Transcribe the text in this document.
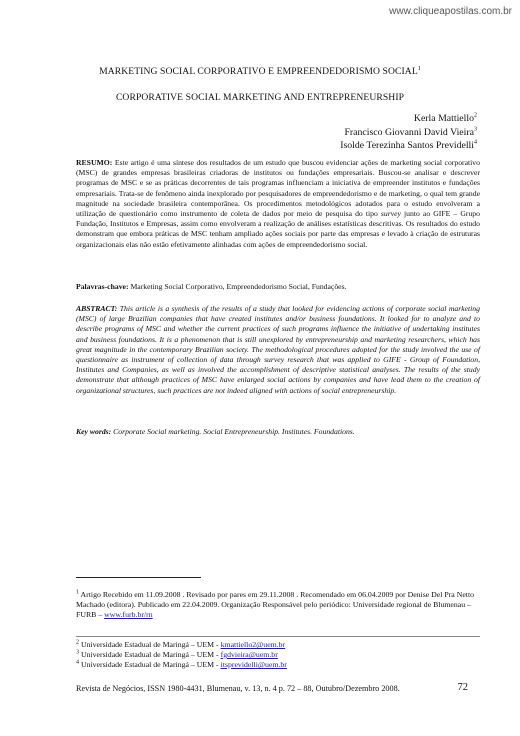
www.cliqueapostilas.com.br
MARKETING SOCIAL CORPORATIVO E EMPREENDEDORISMO SOCIAL$^1$
CORPORATIVE SOCIAL MARKETING AND ENTREPRENEURSHIP
Kerla Mattiello$^2$
Francisco Giovanni David Vieira$^3$
Isolde Terezinha Santos Previdelli$^4$
RESUMO: Este artigo é uma síntese dos resultados de um estudo que buscou evidenciar ações de marketing social corporativo (MSC) de grandes empresas brasileiras criadoras de institutos ou fundações empresariais. Buscou-se analisar e descrever programas de MSC e se as práticas decorrentes de tais programas influenciam a iniciativa de empreender institutos e fundações empresariais. Trata-se de fenômeno ainda inexplorado por pesquisadores de empreendedorismo e de marketing, o qual tem grande magnitude na sociedade brasileira contemporânea. Os procedimentos metodológicos adotados para o estudo envolveram a utilização de questionário como instrumento de coleta de dados por meio de pesquisa do tipo survey junto ao GIFE – Grupo Fundação, Institutos e Empresas, assim como envolveram a realização de análises estatísticas descritivas. Os resultados do estudo demonstram que embora práticas de MSC tenham ampliado ações sociais por parte das empresas e levado à criação de estruturas organizacionais elas não estão efetivamente alinhadas com ações de empreendedorismo social.
Palavras-chave: Marketing Social Corporativo, Empreendedorismo Social, Fundações.
ABSTRACT: This article is a synthesis of the results of a study that looked for evidencing actions of corporate social marketing (MSC) of large Brazilian companies that have created institutes and/or business foundations. It looked for to analyze and to describe programs of MSC and whether the current practices of such programs influence the initiative of undertaking institutes and business foundations. It is a phenomenon that is still unexplored by entrepreneurship and marketing researchers, which has great magnitude in the contemporary Brazilian society. The methodological procedures adopted for the study involved the use of questionnaire as instrument of collection of data through survey research that was applied to GIFE - Group of Foundation, Institutes and Companies, as well as involved the accomplishment of descriptive statistical analyses. The results of the study demonstrate that although practices of MSC have enlarged social actions by companies and have lead them to the creation of organizational structures, such practices are not indeed aligned with actions of social entrepreneurship.
Key words: Corporate Social marketing. Social Entrepreneurship. Institutes. Foundations.
$^1$ Artigo Recebido em 11.09.2008 . Revisado por pares em 29.11.2008 . Recomendado em 06.04.2009 por Denise Del Pra Netto Machado (editora). Publicado em 22.04.2009. Organização Responsável pelo periódico: Universidade regional de Blumenau – FURB – www.furb.br/rn
$^2$ Universidade Estadual de Maringá – UEM - kmattiello2@uem.br
$^3$ Universidade Estadual de Maringá – UEM - fgdvieira@uem.br
$^4$ Universidade Estadual de Maringá – UEM - itsprevidelli@uem.br
Revista de Negócios, ISSN 1980-4431, Blumenau, v. 13, n. 4 p. 72 – 88, Outubro/Dezembro 2008.	72
